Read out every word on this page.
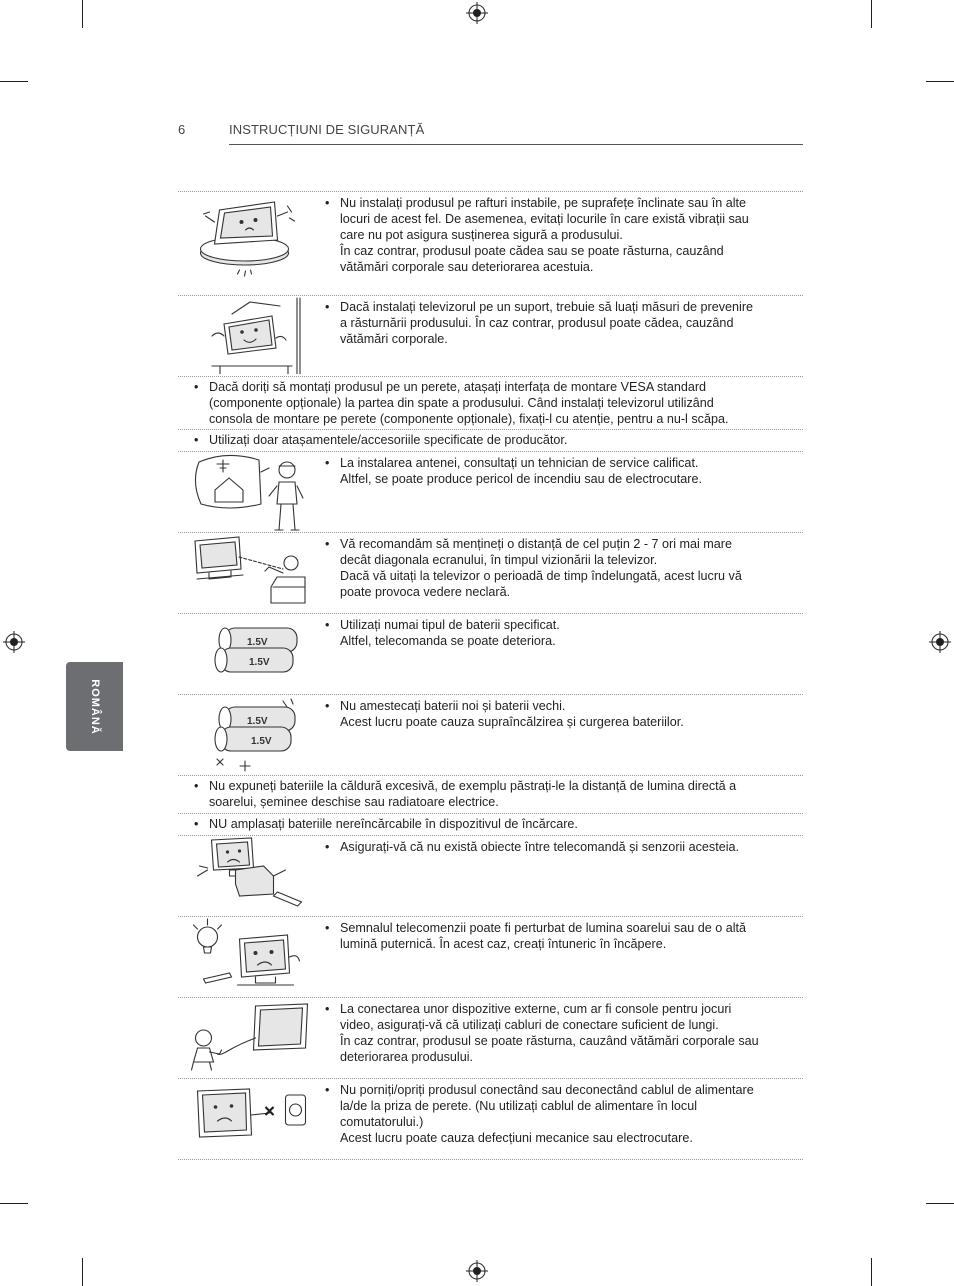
6	INSTRUCȚIUNI DE SIGURANȚĂ
ROMÂNĂ
• Nu instalați produsul pe rafturi instabile, pe suprafețe înclinate sau în alte
locuri de acest fel. De asemenea, evitați locurile în care există vibrații sau
care nu pot asigura susținerea sigură a produsului.
În caz contrar, produsul poate cădea sau se poate răsturna, cauzând
vătămări corporale sau deteriorarea acestuia.
• Dacă instalați televizorul pe un suport, trebuie să luați măsuri de prevenire
a răsturnării produsului. În caz contrar, produsul poate cădea, cauzând
vătămări corporale.
• Dacă doriți să montați produsul pe un perete, atașați interfața de montare VESA standard
(componente opționale) la partea din spate a produsului. Când instalați televizorul utilizând
consola de montare pe perete (componente opționale), fixați-l cu atenție, pentru a nu-l scăpa.
• Utilizați doar atașamentele/accesoriile specificate de producător.
• La instalarea antenei, consultați un tehnician de service calificat.
Altfel, se poate produce pericol de incendiu sau de electrocutare.
• Vă recomandăm să mențineți o distanță de cel puțin 2 - 7 ori mai mare
decât diagonala ecranului, în timpul vizionării la televizor.
Dacă vă uitați la televizor o perioadă de timp îndelungată, acest lucru vă
poate provoca vedere neclară.
1.5V
1.5V
• Utilizați numai tipul de baterii specificat.
Altfel, telecomanda se poate deteriora.
1.5V
1.5V
• Nu amestecați baterii noi și baterii vechi.
Acest lucru poate cauza supraîncălzirea și curgerea bateriilor.
• Nu expuneți bateriile la căldură excesivă, de exemplu păstrați-le la distanță de lumina directă a
soarelui, șeminee deschise sau radiatoare electrice.
• NU amplasați bateriile nereîncărcabile în dispozitivul de încărcare.
• Asigurați-vă că nu există obiecte între telecomandă și senzorii acesteia.
• Semnalul telecomenzii poate fi perturbat de lumina soarelui sau de o altă
lumină puternică. În acest caz, creați întuneric în încăpere.
• La conectarea unor dispozitive externe, cum ar fi console pentru jocuri
video, asigurați-vă că utilizați cabluri de conectare suficient de lungi.
În caz contrar, produsul se poate răsturna, cauzând vătămări corporale sau
deteriorarea produsului.
• Nu porniți/opriți produsul conectând sau deconectând cablul de alimentare
la/de la priza de perete. (Nu utilizați cablul de alimentare în locul
comutatorului.)
Acest lucru poate cauza defecțiuni mecanice sau electrocutare.
